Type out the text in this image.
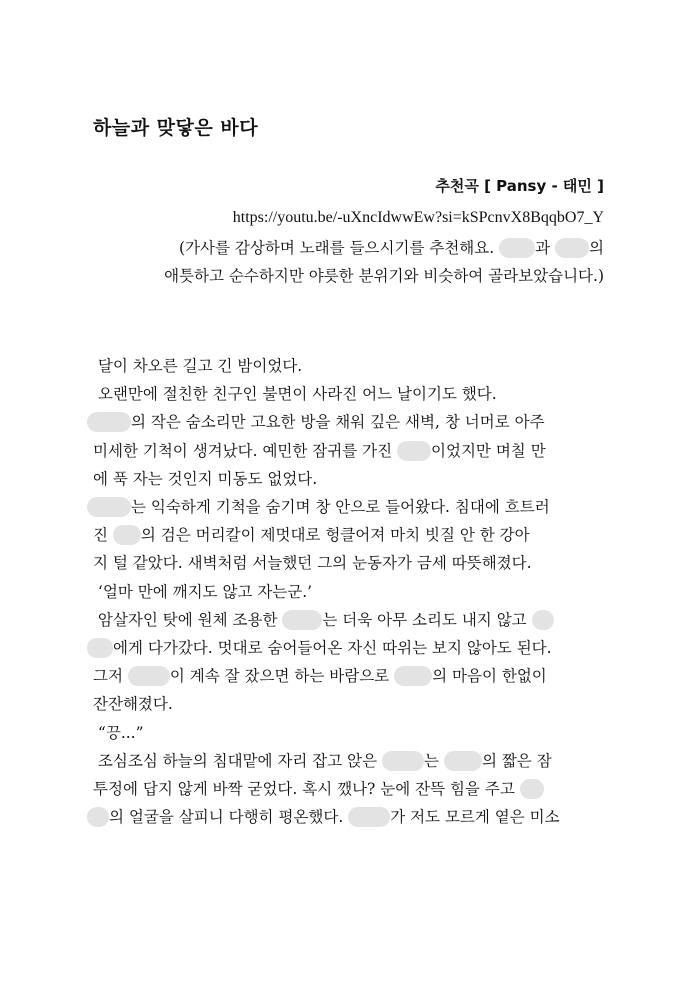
하늘과 맞닿은 바다
추천곡 [ Pansy - 태민 ]
https://youtu.be/-uXncIdwwEw?si=kSPcnvX8BqqbO7_Y
(가사를 감상하며 노래를 들으시기를 추천해요. 과 의
애틋하고 순수하지만 야릇한 분위기와 비슷하여 골라보았습니다.)
달이 차오른 길고 긴 밤이었다.
오랜만에 절친한 친구인 불면이 사라진 어느 날이기도 했다.
의 작은 숨소리만 고요한 방을 채워 깊은 새벽, 창 너머로 아주
미세한 기척이 생겨났다. 예민한 잠귀를 가진 이었지만 며칠 만
에 푹 자는 것인지 미동도 없었다.
는 익숙하게 기척을 숨기며 창 안으로 들어왔다. 침대에 흐트러
진 의 검은 머리칼이 제멋대로 헝클어져 마치 빗질 안 한 강아
지 털 같았다. 새벽처럼 서늘했던 그의 눈동자가 금세 따뜻해졌다.
‘얼마 만에 깨지도 않고 자는군.’
암살자인 탓에 원체 조용한	는 더욱 아무 소리도 내지 않고
에게 다가갔다. 멋대로 숨어들어온 자신 따위는 보지 않아도 된다.
그저	이 계속 잘 잤으면 하는 바람으로 의 마음이 한없이
잔잔해졌다.
“끙...”
조심조심 하늘의 침대맡에 자리 잡고 앉은	는 의 짧은 잠
투정에 답지 않게 바짝 굳었다. 혹시 깼나? 눈에 잔뜩 힘을 주고
의 얼굴을 살피니 다행히 평온했다.	가 저도 모르게 옅은 미소
